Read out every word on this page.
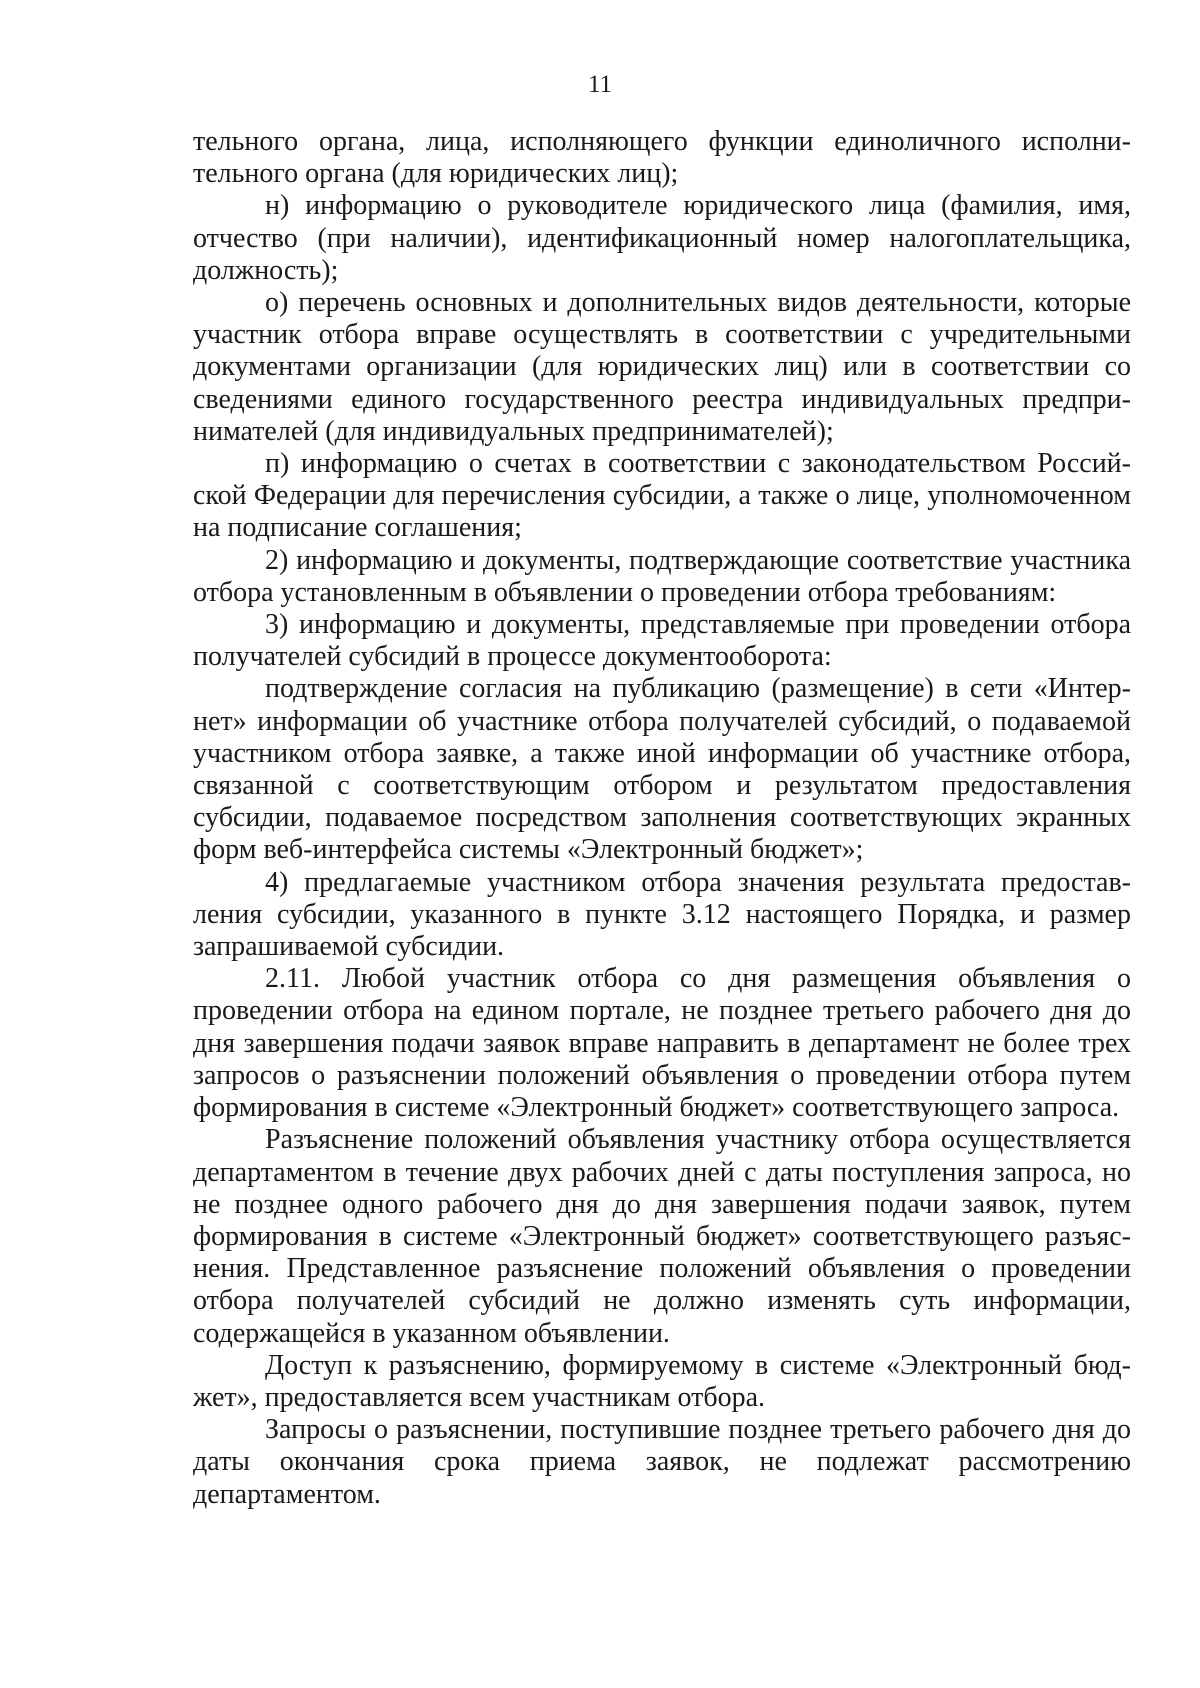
11

тельного органа, лица, исполняющего функции единоличного исполнительного органа (для юридических лиц);

н) информацию о руководителе юридического лица (фамилия, имя, отчество (при наличии), идентификационный номер налогоплательщика, должность);

о) перечень основных и дополнительных видов деятельности, которые участник отбора вправе осуществлять в соответствии с учредительными документами организации (для юридических лиц) или в соответствии со сведениями единого государственного реестра индивидуальных предпринимателей (для индивидуальных предпринимателей);

п) информацию о счетах в соответствии с законодательством Российской Федерации для перечисления субсидии, а также о лице, уполномоченном на подписание соглашения;

2) информацию и документы, подтверждающие соответствие участника отбора установленным в объявлении о проведении отбора требованиям:

3) информацию и документы, представляемые при проведении отбора получателей субсидий в процессе документооборота:

подтверждение согласия на публикацию (размещение) в сети «Интернет» информации об участнике отбора получателей субсидий, о подаваемой участником отбора заявке, а также иной информации об участнике отбора, связанной с соответствующим отбором и результатом предоставления субсидии, подаваемое посредством заполнения соответствующих экранных форм веб-интерфейса системы «Электронный бюджет»;

4) предлагаемые участником отбора значения результата предоставления субсидии, указанного в пункте 3.12 настоящего Порядка, и размер запрашиваемой субсидии.

2.11. Любой участник отбора со дня размещения объявления о проведении отбора на едином портале, не позднее третьего рабочего дня до дня завершения подачи заявок вправе направить в департамент не более трех запросов о разъяснении положений объявления о проведении отбора путем формирования в системе «Электронный бюджет» соответствующего запроса.

Разъяснение положений объявления участнику отбора осуществляется департаментом в течение двух рабочих дней с даты поступления запроса, но не позднее одного рабочего дня до дня завершения подачи заявок, путем формирования в системе «Электронный бюджет» соответствующего разъяснения. Представленное разъяснение положений объявления о проведении отбора получателей субсидий не должно изменять суть информации, содержащейся в указанном объявлении.

Доступ к разъяснению, формируемому в системе «Электронный бюджет», предоставляется всем участникам отбора.

Запросы о разъяснении, поступившие позднее третьего рабочего дня до даты окончания срока приема заявок, не подлежат рассмотрению департаментом.
